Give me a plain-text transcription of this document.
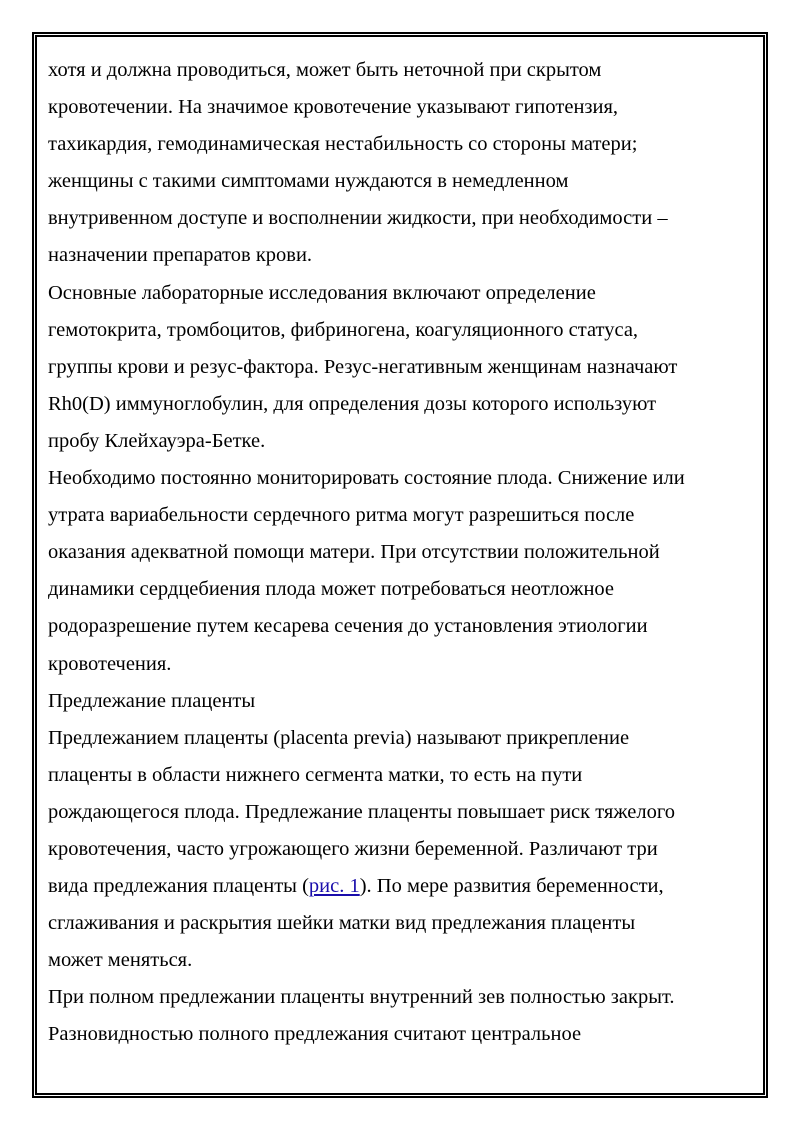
хотя и должна проводиться, может быть неточной при скрытом
кровотечении. На значимое кровотечение указывают гипотензия,
тахикардия, гемодинамическая нестабильность со стороны матери;
женщины с такими симптомами нуждаются в немедленном
внутривенном доступе и восполнении жидкости, при необходимости –
назначении препаратов крови.
Основные лабораторные исследования включают определение
гемотокрита, тромбоцитов, фибриногена, коагуляционного статуса,
группы крови и резус-фактора. Резус-негативным женщинам назначают
Rh0(D) иммуноглобулин, для определения дозы которого используют
пробу Клейхауэра-Бетке.
Необходимо постоянно мониторировать состояние плода. Снижение или
утрата вариабельности сердечного ритма могут разрешиться после
оказания адекватной помощи матери. При отсутствии положительной
динамики сердцебиения плода может потребоваться неотложное
родоразрешение путем кесарева сечения до установления этиологии
кровотечения.
Предлежание плаценты
Предлежанием плаценты (placenta previa) называют прикрепление
плаценты в области нижнего сегмента матки, то есть на пути
рождающегося плода. Предлежание плаценты повышает риск тяжелого
кровотечения, часто угрожающего жизни беременной. Различают три
вида предлежания плаценты (рис. 1). По мере развития беременности,
сглаживания и раскрытия шейки матки вид предлежания плаценты
может меняться.
При полном предлежании плаценты внутренний зев полностью закрыт.
Разновидностью полного предлежания считают центральное
